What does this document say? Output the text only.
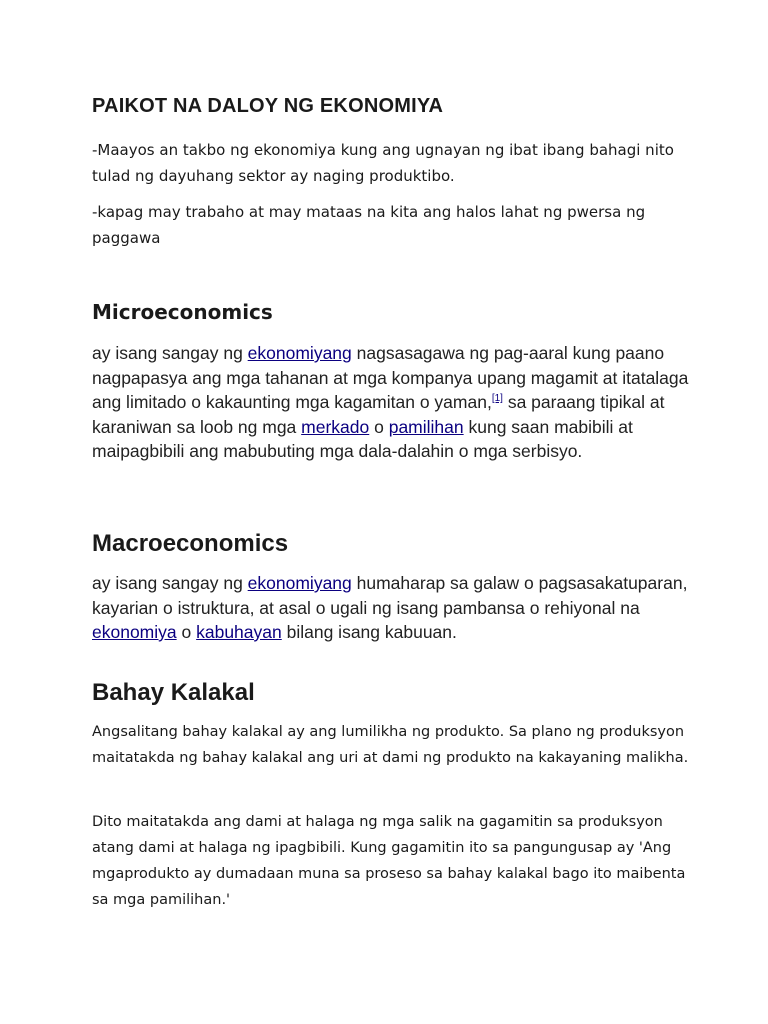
PAIKOT NA DALOY NG EKONOMIYA

-Maayos an takbo ng ekonomiya kung ang ugnayan ng ibat ibang bahagi nito tulad ng dayuhang sektor ay naging produktibo.

-kapag may trabaho at may mataas na kita ang halos lahat ng pwersa ng paggawa

Microeconomics

ay isang sangay ng ekonomiyang nagsasagawa ng pag-aaral kung paano nagpapasya ang mga tahanan at mga kompanya upang magamit at itatalaga ang limitado o kakaunting mga kagamitan o yaman,[1] sa paraang tipikal at karaniwan sa loob ng mga merkado o pamilihan kung saan mabibili at maipagbibili ang mabubuting mga dala-dalahin o mga serbisyo.

Macroeconomics

ay isang sangay ng ekonomiyang humaharap sa galaw o pagsasakatuparan, kayarian o istruktura, at asal o ugali ng isang pambansa o rehiyonal na ekonomiya o kabuhayan bilang isang kabuuan.

Bahay Kalakal

Angsalitang bahay kalakal ay ang lumilikha ng produkto. Sa plano ng produksyon maitatakda ng bahay kalakal ang uri at dami ng produkto na kakayaning malikha.

Dito maitatakda ang dami at halaga ng mga salik na gagamitin sa produksyon atang dami at halaga ng ipagbibili. Kung gagamitin ito sa pangungusap ay 'Ang mgaprodukto ay dumadaan muna sa proseso sa bahay kalakal bago ito maibenta sa mga pamilihan.'
